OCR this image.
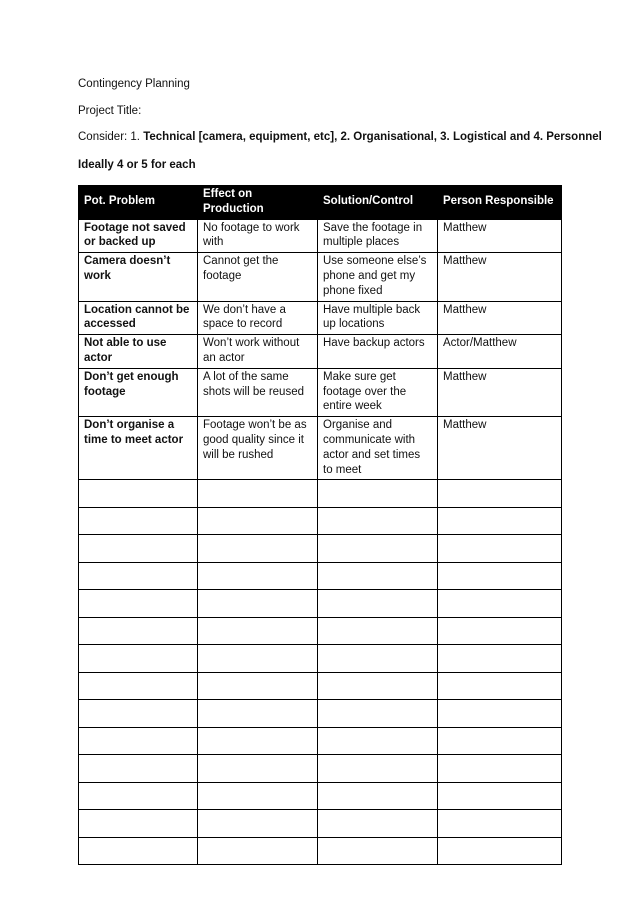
Contingency Planning
Project Title:
Consider: 1. Technical [camera, equipment, etc], 2. Organisational, 3. Logistical and 4. Personnel
Ideally 4 or 5 for each
Pot. Problem	Effect on Production	Solution/Control	Person Responsible
Footage not saved or backed up	No footage to work with	Save the footage in multiple places	Matthew
Camera doesn’t work	Cannot get the footage	Use someone else’s phone and get my phone fixed	Matthew
Location cannot be accessed	We don’t have a space to record	Have multiple back up locations	Matthew
Not able to use actor	Won’t work without an actor	Have backup actors	Actor/Matthew
Don’t get enough footage	A lot of the same shots will be reused	Make sure get footage over the entire week	Matthew
Don’t organise a time to meet actor	Footage won’t be as good quality since it will be rushed	Organise and communicate with actor and set times to meet	Matthew
